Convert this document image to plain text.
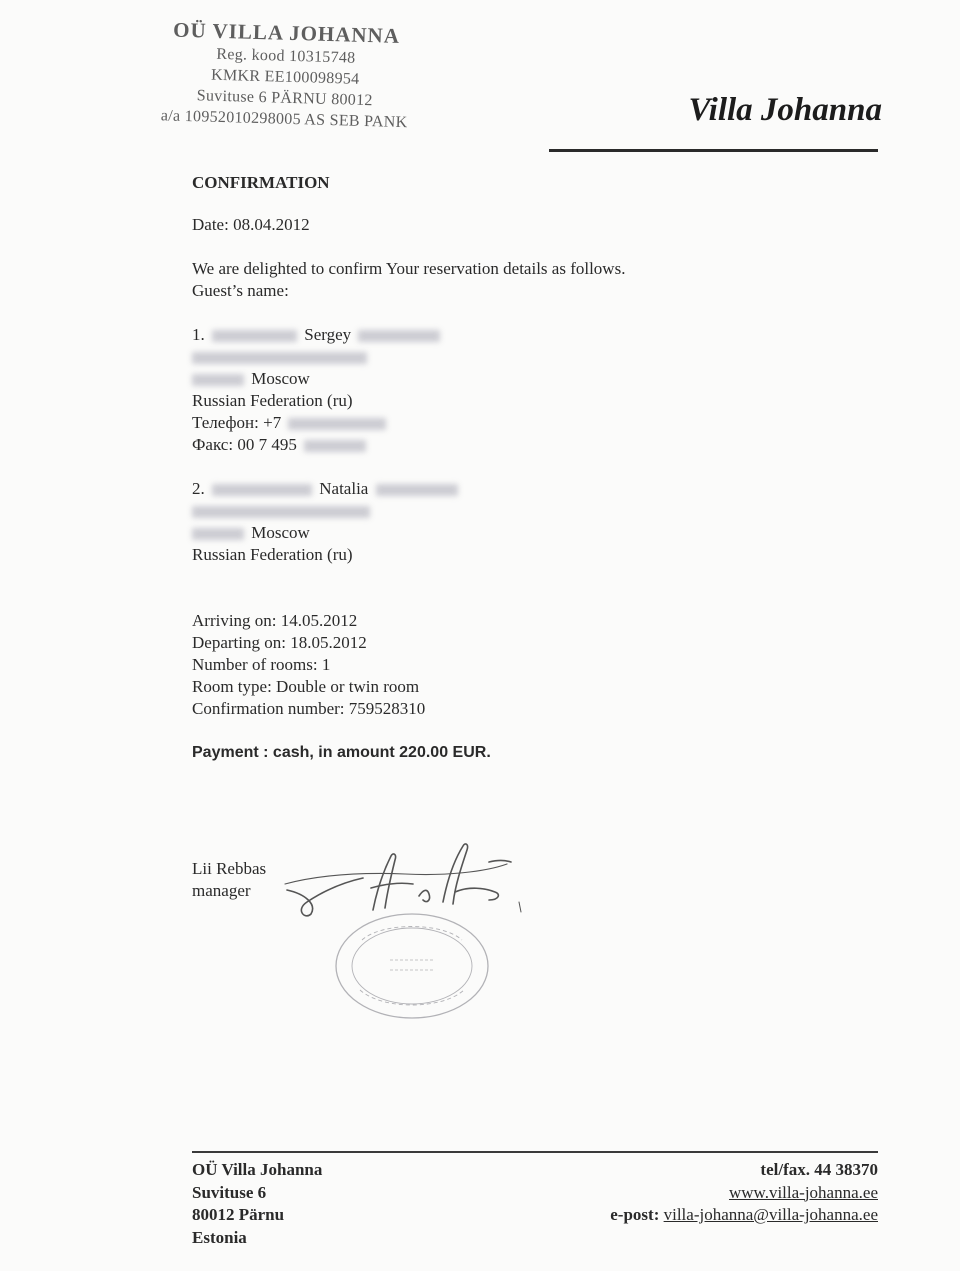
OÜ VILLA JOHANNA
Reg. kood 10315748
KMKR EE100098954
Suvituse 6 PÄRNU 80012
a/a 10952010298005 AS SEB PANK	Villa Johanna
CONFIRMATION
Date: 08.04.2012
We are delighted to confirm Your reservation details as follows.
Guest’s name:
1.	Sergey
Moscow
Russian Federation (ru)
Телефон: +7
Факс: 00 7 495
2.	Natalia
Moscow
Russian Federation (ru)
Arriving on: 14.05.2012
Departing on: 18.05.2012
Number of rooms: 1
Room type: Double or twin room
Confirmation number: 759528310
Payment : cash, in amount 220.00 EUR.
Lii Rebbas
manager
OÜ Villa Johanna
Suvituse 6
80012 Pärnu
Estonia
tel/fax. 44 38370
www.villa-johanna.ee
e-post: villa-johanna@villa-johanna.ee
